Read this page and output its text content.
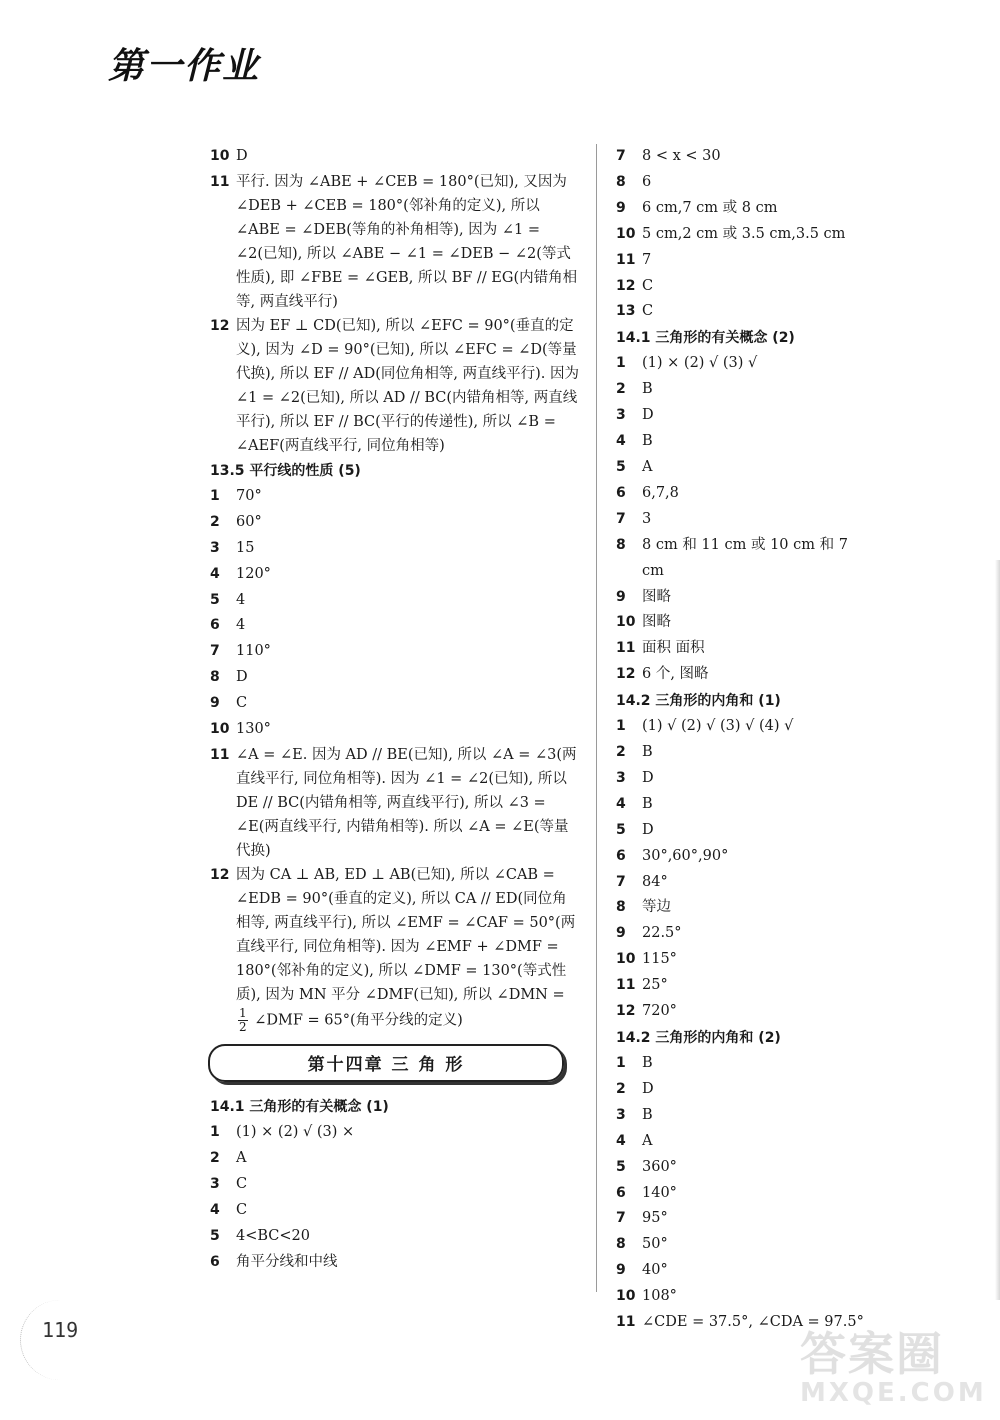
第一作业
10 D
11 平行. 因为 ∠ABE + ∠CEB = 180°(已知), 又因为 ∠DEB + ∠CEB = 180°(邻补角的定义), 所以 ∠ABE = ∠DEB(等角的补角相等), 因为 ∠1 = ∠2(已知), 所以 ∠ABE − ∠1 = ∠DEB − ∠2(等式性质), 即 ∠FBE = ∠GEB, 所以 BF // EG(内错角相等, 两直线平行)
12 因为 EF ⊥ CD(已知), 所以 ∠EFC = 90°(垂直的定义), 因为 ∠D = 90°(已知), 所以 ∠EFC = ∠D(等量代换), 所以 EF // AD(同位角相等, 两直线平行). 因为 ∠1 = ∠2(已知), 所以 AD // BC(内错角相等, 两直线平行), 所以 EF // BC(平行的传递性), 所以 ∠B = ∠AEF(两直线平行, 同位角相等)
13.5 平行线的性质 (5)
1	70°
2	60°
3	15
4	120°
5	4
6	4
7	110°
8	D
9	C
10 130°
11 ∠A = ∠E. 因为 AD // BE(已知), 所以 ∠A = ∠3(两直线平行, 同位角相等). 因为 ∠1 = ∠2(已知), 所以 DE // BC(内错角相等, 两直线平行), 所以 ∠3 = ∠E(两直线平行, 内错角相等). 所以 ∠A = ∠E(等量代换)
12 因为 CA ⊥ AB, ED ⊥ AB(已知), 所以 ∠CAB = ∠EDB = 90°(垂直的定义), 所以 CA // ED(同位角相等, 两直线平行), 所以 ∠EMF = ∠CAF = 50°(两直线平行, 同位角相等). 因为 ∠EMF + ∠DMF = 180°(邻补角的定义), 所以 ∠DMF = 130°(等式性质), 因为 MN 平分 ∠DMF(已知), 所以 ∠DMN =
$\frac{1}{2}$ ∠DMF = 65°(角平分线的定义)
第十四章 三 角 形
14.1 三角形的有关概念 (1)
1	(1) × (2) √ (3) ×
2	A
3	C
4	C
5	4<BC<20
6	角平分线和中线
7	8 < x < 30
8	6
9	6 cm,7 cm 或 8 cm
10 5 cm,2 cm 或 3.5 cm,3.5 cm
11 7
12 C
13 C
14.1 三角形的有关概念 (2)
1	(1) × (2) √ (3) √
2	B
3	D
4	B
5	A
6	6,7,8
7	3
8	8 cm 和 11 cm 或 10 cm 和 7 cm
9	图略
10 图略
11 面积 面积
12 6 个, 图略
14.2 三角形的内角和 (1)
1	(1) √ (2) √ (3) √ (4) √
2	B
3	D
4	B
5	D
6	30°,60°,90°
7	84°
8	等边
9	22.5°
10 115°
11 25°
12 720°
14.2 三角形的内角和 (2)
1	B
2	D
3	B
4	A
5	360°
6	140°
7	95°
8	50°
9	40°
10 108°
11 ∠CDE = 37.5°, ∠CDA = 97.5°
119	答案圈
MXQE.COM
